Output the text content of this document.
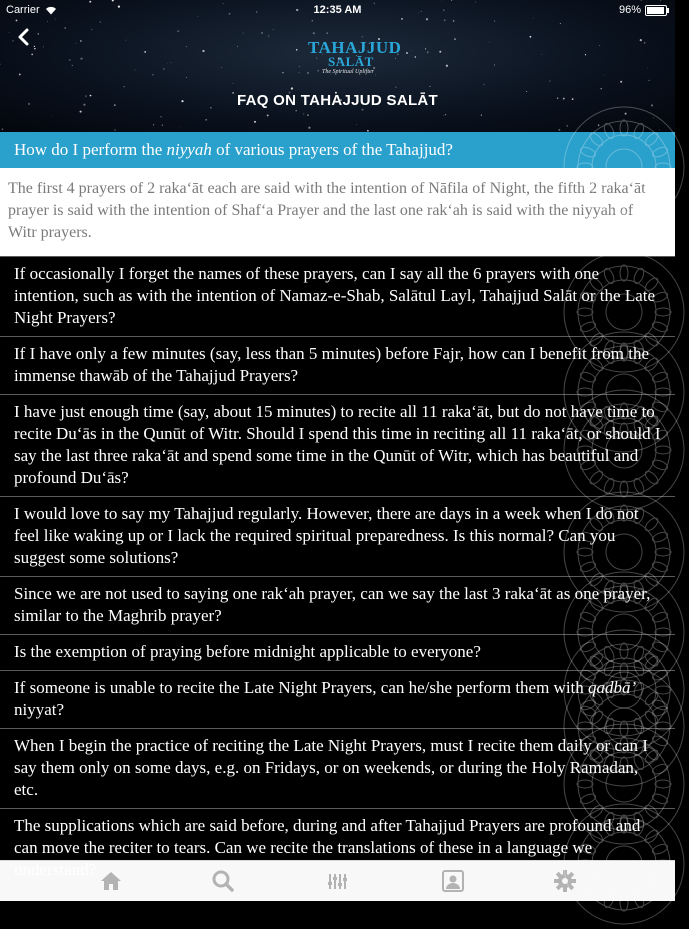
Carrier	12:35 AM	96%
TAHAJJUD
SALĀT
The Spiritual Uplifter
FAQ ON TAHAJJUD SALĀT
How do I perform the niyyah of various prayers of the Tahajjud?
The first 4 prayers of 2 raka‘āt each are said with the intention of Nāfila of Night, the fifth 2 raka‘āt prayer is said with the intention of Shaf‘a Prayer and the last one rak‘ah is said with the niyyah of Witr prayers.
If occasionally I forget the names of these prayers, can I say all the 6 prayers with one intention, such as with the intention of Namaz-e-Shab, Salātul Layl, Tahajjud Salāt or the Late Night Prayers?
If I have only a few minutes (say, less than 5 minutes) before Fajr, how can I benefit from the immense thawāb of the Tahajjud Prayers?
I have just enough time (say, about 15 minutes) to recite all 11 raka‘āt, but do not have time to recite Du‘ās in the Qunūt of Witr. Should I spend this time in reciting all 11 raka‘āt, or should I say the last three raka‘āt and spend some time in the Qunūt of Witr, which has beautiful and profound Du‘ās?
I would love to say my Tahajjud regularly. However, there are days in a week when I do not feel like waking up or I lack the required spiritual preparedness. Is this normal? Can you suggest some solutions?
Since we are not used to saying one rak‘ah prayer, can we say the last 3 raka‘āt as one prayer, similar to the Maghrib prayer?
Is the exemption of praying before midnight applicable to everyone?
If someone is unable to recite the Late Night Prayers, can he/she perform them with qadbā’ niyyat?
When I begin the practice of reciting the Late Night Prayers, must I recite them daily or can I say them only on some days, e.g. on Fridays, or on weekends, or during the Holy Ramadan, etc.
The supplications which are said before, during and after Tahajjud Prayers are profound and can move the reciter to tears. Can we recite the translations of these in a language we understand?
